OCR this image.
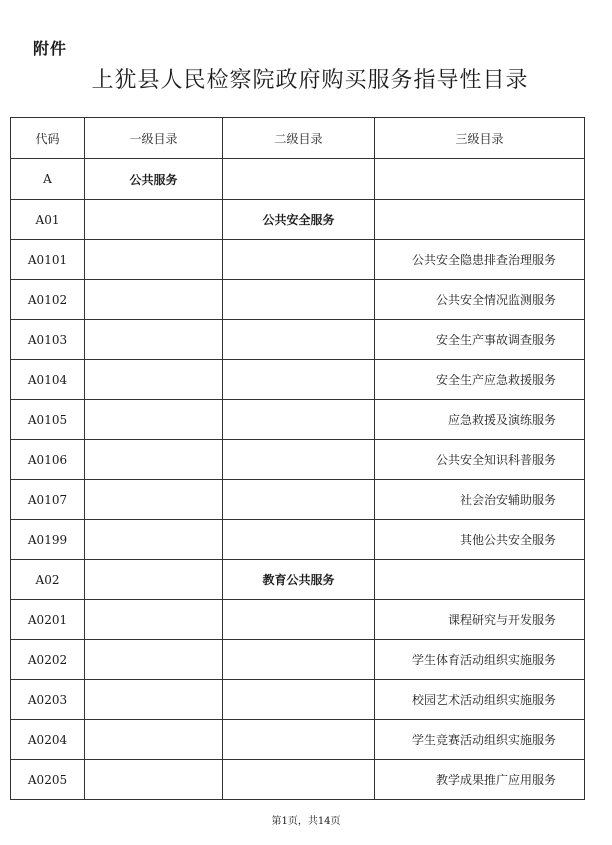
附件
上犹县人民检察院政府购买服务指导性目录
代码	一级目录	二级目录	三级目录
A	公共服务		
A01		公共安全服务	
A0101			公共安全隐患排查治理服务
A0102			公共安全情况监测服务
A0103			安全生产事故调查服务
A0104			安全生产应急救援服务
A0105			应急救援及演练服务
A0106			公共安全知识科普服务
A0107			社会治安辅助服务
A0199			其他公共安全服务
A02		教育公共服务	
A0201			课程研究与开发服务
A0202			学生体育活动组织实施服务
A0203			校园艺术活动组织实施服务
A0204			学生竞赛活动组织实施服务
A0205			教学成果推广应用服务
第1页，共14页
